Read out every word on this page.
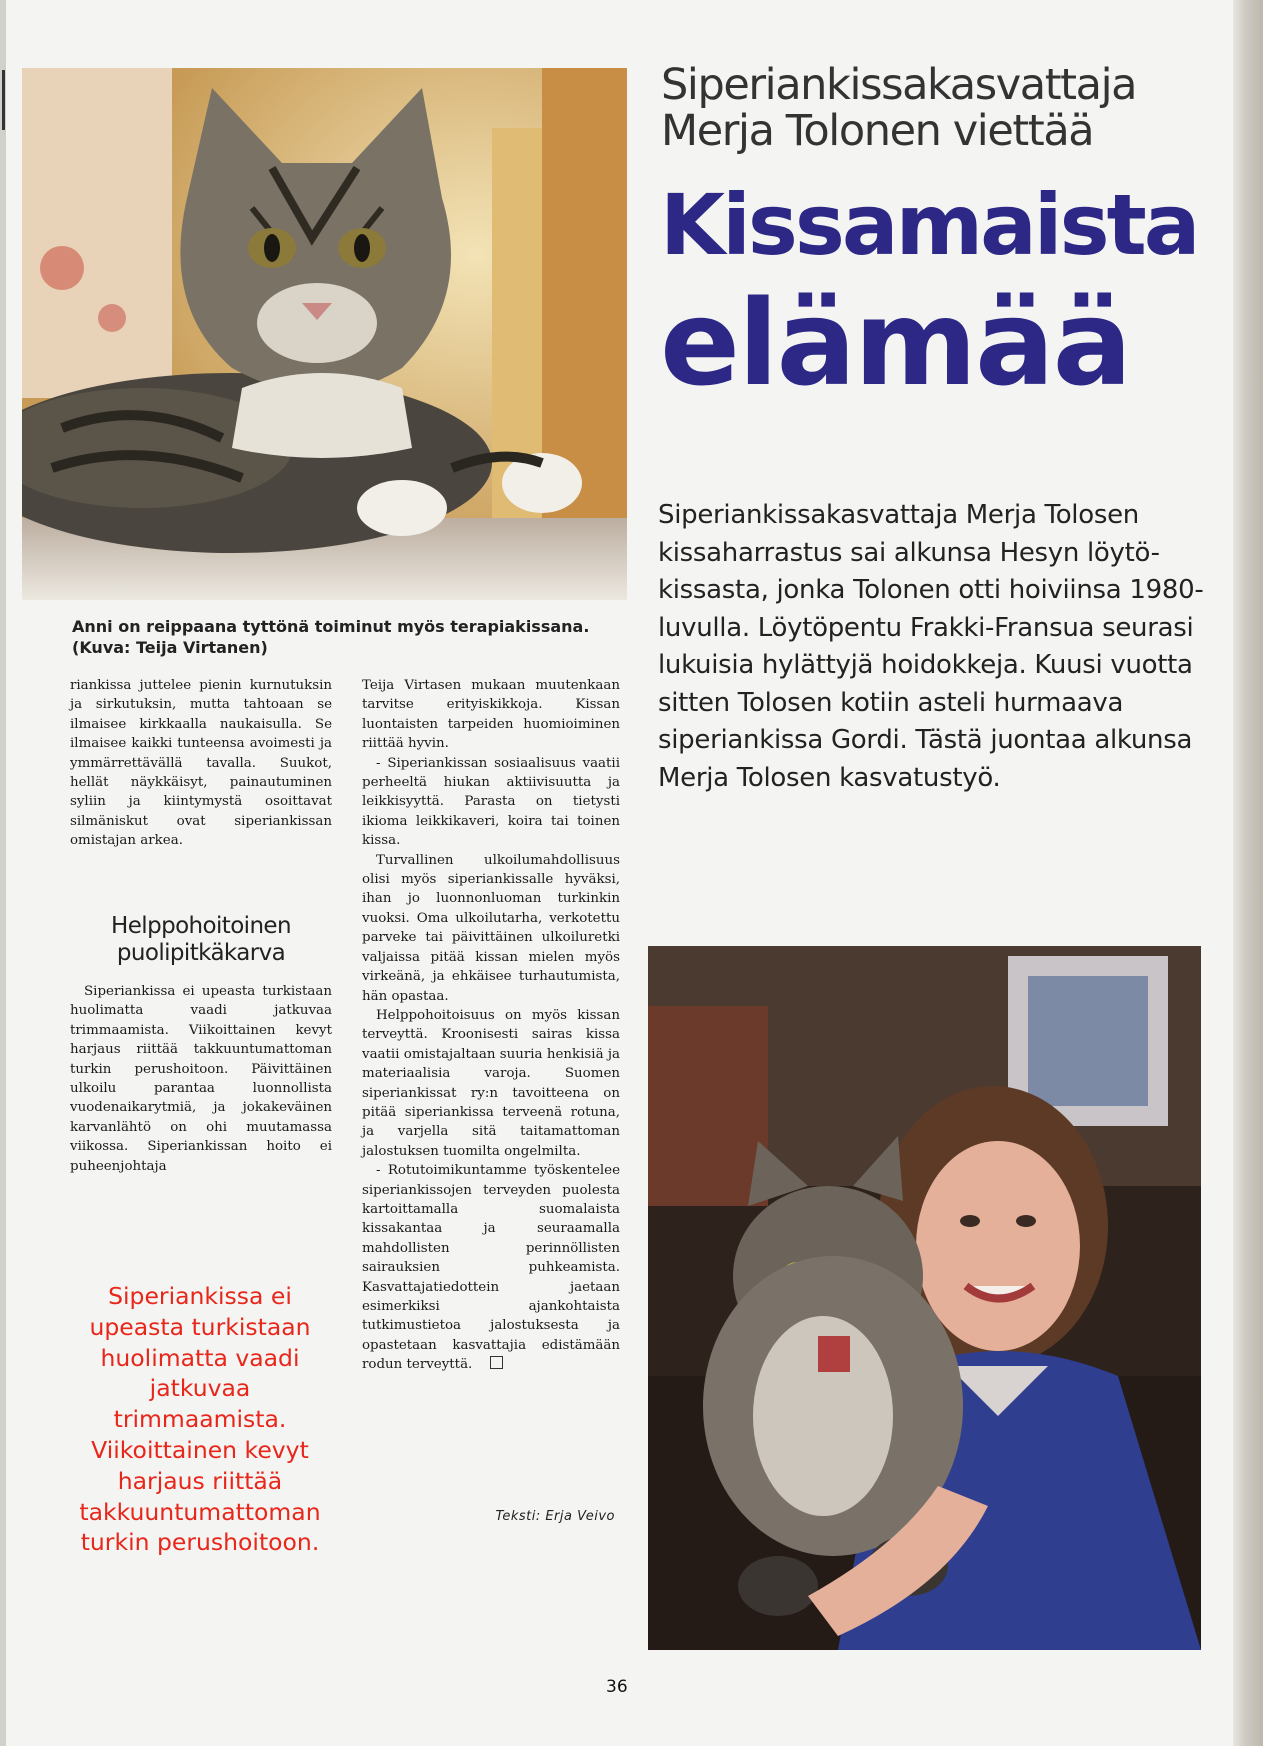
Anni on reippaana tyttönä toiminut myös terapiakissana. (Kuva: Teija Virtanen)

riankissa juttelee pienin kurnutuksin ja sirkutuksin, mutta tahtoaan se ilmaisee kirkkaalla naukaisulla. Se ilmaisee kaikki tunteensa avoimesti ja ymmärrettävällä tavalla. Suukot, hellät näykkäisyt, painautuminen syliin ja kiintymystä osoittavat silmäniskut ovat siperiankissan omistajan arkea.

Helppohoitoinen puolipitkäkarva

Siperiankissa ei upeasta turkistaan huolimatta vaadi jatkuvaa trimmaamista. Viikoittainen kevyt harjaus riittää takkuuntumattoman turkin perushoitoon. Päivittäinen ulkoilu parantaa luonnollista vuodenaikarytmiä, ja jokakeväinen karvanlähtö on ohi muutamassa viikossa. Siperiankissan hoito ei puheenjohtaja

Siperiankissa ei upeasta turkistaan huolimatta vaadi jatkuvaa trimmaamista. Viikoittainen kevyt harjaus riittää takkuuntumattoman turkin perushoitoon.

Teija Virtasen mukaan muutenkaan tarvitse erityiskikkoja. Kissan luontaisten tarpeiden huomioiminen riittää hyvin.

- Siperiankissan sosiaalisuus vaatii perheeltä hiukan aktiivisuutta ja leikkisyyttä. Parasta on tietysti ikioma leikkikaveri, koira tai toinen kissa.

Turvallinen ulkoilumahdollisuus olisi myös siperiankissalle hyväksi, ihan jo luonnonluoman turkinkin vuoksi. Oma ulkoilutarha, verkotettu parveke tai päivittäinen ulkoiluretki valjaissa pitää kissan mielen myös virkeänä, ja ehkäisee turhautumista, hän opastaa.

Helppohoitoisuus on myös kissan terveyttä. Kroonisesti sairas kissa vaatii omistajaltaan suuria henkisiä ja materiaalisia varoja. Suomen siperiankissat ry:n tavoitteena on pitää siperiankissa terveenä rotuna, ja varjella sitä taitamattoman jalostuksen tuomilta ongelmilta.

- Rotutoimikuntamme työskentelee siperiankissojen terveyden puolesta kartoittamalla suomalaista kissakantaa ja seuraamalla mahdollisten perinnöllisten sairauksien puhkeamista. Kasvattajatiedottein jaetaan esimerkiksi ajankohtaista tutkimustietoa jalostuksesta ja opastetaan kasvattajia edistämään rodun terveyttä.

Teksti: Erja Veivo
Siperiankissakasvattaja Merja Tolonen viettää
Kissamaista
elämää
Siperiankissakasvattaja Merja Tolosen kissaharrastus sai alkunsa Hesyn löytö-kissasta, jonka Tolonen otti hoiviinsa 1980-luvulla. Löytöpentu Frakki-Fransua seurasi lukuisia hylättyjä hoidokkeja. Kuusi vuotta sitten Tolosen kotiin asteli hurmaava siperiankissa Gordi. Tästä juontaa alkunsa Merja Tolosen kasvatustyö.
36
